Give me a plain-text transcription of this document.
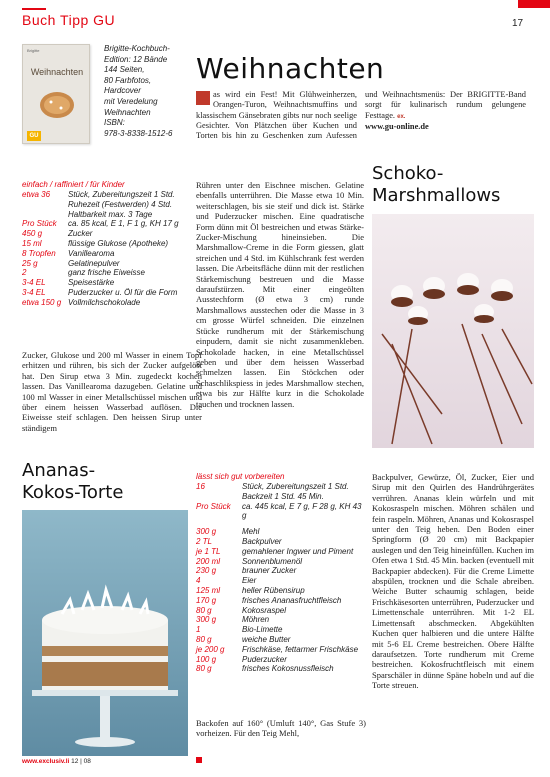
Buch Tipp GU	17
Brigitte
Weihnachten
GU
Brigitte-Kochbuch-
Edition: 12 Bände
144 Seiten,
80 Farbfotos,
Hardcover
mit Veredelung
Weihnachten
ISBN:
978-3-8338-1512-6
Weihnachten
as wird ein Fest! Mit Glühweinherzen, Orangen-Turon, Weihnachtsmuffins und klassischem Gänsebraten gibts nur noch seelige Gesichter. Von Plätzchen über Kuchen und Torten bis hin zu Geschenken zum Aufessen und Weihnachtsmenüs: Der BRIGITTE-Band sorgt für kulinarisch rundum gelungene Festtage. ex.
www.gu-online.de
einfach / raffiniert / für Kinder
etwa 36	Stück, Zubereitungszeit 1 Std. Ruhezeit (Festwerden) 4 Std. Haltbarkeit max. 3 Tage
Pro Stück	ca. 85 kcal, E 1, F 1 g, KH 17 g
450 g	Zucker
15 ml	flüssige Glukose (Apotheke)
8 Tropfen	Vanillearoma
25 g	Gelatinepulver
2	ganz frische Eiweisse
3-4 EL	Speisestärke
3-4 EL	Puderzucker u. Öl für die Form
etwa 150 g Vollmilchschokolade
Zucker, Glukose und 200 ml Wasser in einem Topf erhitzen und rühren, bis sich der Zucker aufgelöst hat. Den Sirup etwa 3 Min. zugedeckt kochen lassen. Das Vanillearoma dazugeben. Gelatine und 100 ml Wasser in einer Metallschüssel mischen und über einem heissen Wasserbad auflösen. Die Eiweisse steif schlagen. Den heissen Sirup unter ständigem
Rühren unter den Eischnee mischen. Gelatine ebenfalls unterrühren. Die Masse etwa 10 Min. weiterschlagen, bis sie steif und dick ist. Stärke und Puderzucker mischen. Eine quadratische Form dünn mit Öl bestreichen und etwas Stärke-Zucker-Mischung hineinsieben. Die Marshmallow-Creme in die Form giessen, glatt streichen und 4 Std. im Kühlschrank fest werden lassen. Die Arbeitsfläche dünn mit der restlichen Stärkemischung bestreuen und die Masse daraufstürzen. Mit einer eingeölten Ausstechform (Ø etwa 3 cm) runde Marshmallows ausstechen oder die Masse in 3 cm grosse Würfel schneiden. Die einzelnen Stücke rundherum mit der Stärkemischung einpudern, damit sie nicht zusammenkleben. Schokolade hacken, in eine Metallschüssel geben und über dem heissen Wasserbad schmelzen lassen. Ein Stöckchen oder Schaschlikspiess in jedes Marshmallow stechen, etwa bis zur Hälfte kurz in die Schokolade tauchen und trocknen lassen.
Schoko-
Marshmallows
Ananas-
Kokos-Torte
lässt sich gut vorbereiten
16	Stück, Zubereitungszeit 1 Std. Backzeit 1 Std. 45 Min.
Pro Stück	ca. 445 kcal, E 7 g, F 28 g, KH 43 g
300 g	Mehl
2 TL	Backpulver
je 1 TL	gemahlener Ingwer und Piment
200 ml	Sonnenblumenöl
230 g	brauner Zucker
4	Eier
125 ml	heller Rübensirup
170 g	frisches Ananasfruchtfleisch
80 g	Kokosraspel
300 g	Möhren
1	Bio-Limette
80 g	weiche Butter
je 200 g	Frischkäse, fettarmer Frischkäse
100 g	Puderzucker
80 g	frisches Kokosnussfleisch
Backofen auf 160° (Umluft 140°, Gas Stufe 3) vorheizen. Für den Teig Mehl,
Backpulver, Gewürze, Öl, Zucker, Eier und Sirup mit den Quirlen des Handrührgerätes verrühren. Ananas klein würfeln und mit Kokosraspeln mischen. Möhren schälen und fein raspeln. Möhren, Ananas und Kokosraspel unter den Teig heben. Den Boden einer Springform (Ø 20 cm) mit Backpapier auslegen und den Teig hineinfüllen. Kuchen im Ofen etwa 1 Std. 45 Min. backen (eventuell mit Backpapier abdecken). Für die Creme Limette abspülen, trocknen und die Schale abreiben. Weiche Butter schaumig schlagen, beide Frischkäsesorten unterrühren, Puderzucker und Limettenschale unterrühren. Mit 1-2 EL Limettensaft abschmecken. Abgekühlten Kuchen quer halbieren und die untere Hälfte mit 5-6 EL Creme bestreichen. Obere Hälfte daraufsetzen. Torte rundherum mit Creme bestreichen. Kokosfruchtfleisch mit einem Sparschäler in dünne Späne hobeln und auf die Torte streuen.
www.exclusiv.li 12 | 08
